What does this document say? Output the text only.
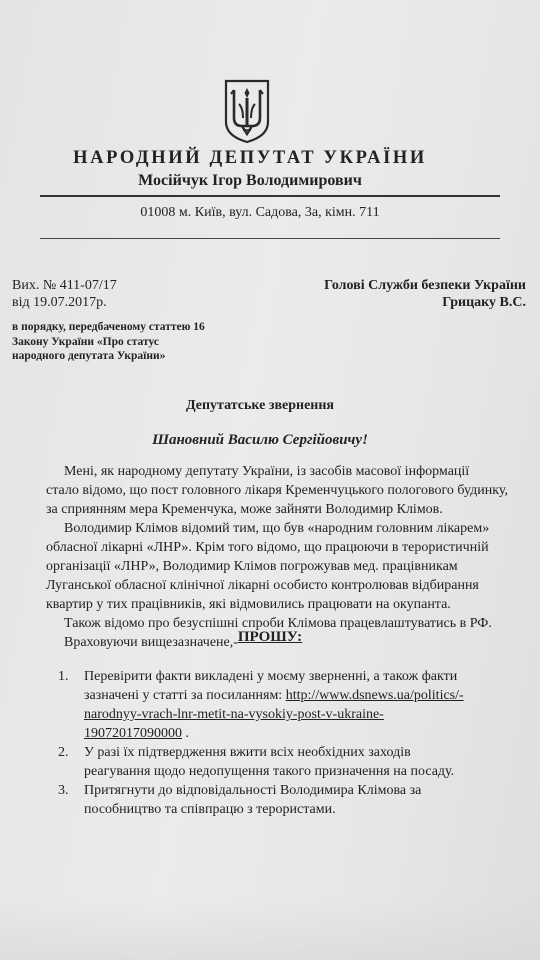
НАРОДНИЙ ДЕПУТАТ УКРАЇНИ
Мосійчук Ігор Володимирович
01008 м. Київ, вул. Садова, 3а, кімн. 711
Вих. № 411-07/17
від 19.07.2017р.
Голові Служби безпеки України
Грицаку В.С.
в порядку, передбаченому статтею 16
Закону України «Про статус
народного депутата України»
Депутатське звернення
Шановний Василю Сергійовичу!
Мені, як народному депутату України, із засобів масової інформації
стало відомо, що пост головного лікаря Кременчуцького пологового будинку,
за сприянням мера Кременчука, може зайняти Володимир Клімов.
Володимир Клімов відомий тим, що був «народним головним лікарем»
обласної лікарні «ЛНР». Крім того відомо, що працюючи в терористичній
організації «ЛНР», Володимир Клімов погрожував мед. працівникам
Луганської обласної клінічної лікарні особисто контролював відбирання
квартир у тих працівників, які відмовились працювати на окупанта.
Також відомо про безуспішні спроби Клімова працевлаштуватись в РФ.
Враховуючи вищезазначене,- ПРОШУ:
1. Перевірити факти викладені у моєму зверненні, а також факти
зазначені у статті за посиланням: http://www.dsnews.ua/politics/-
narodnyy-vrach-lnr-metit-na-vysokiy-post-v-ukraine-
19072017090000 .
2. У разі їх підтвердження вжити всіх необхідних заходів
реагування щодо недопущення такого призначення на посаду.
3. Притягнути до відповідальності Володимира Клімова за
пособництво та співпрацю з терористами.
